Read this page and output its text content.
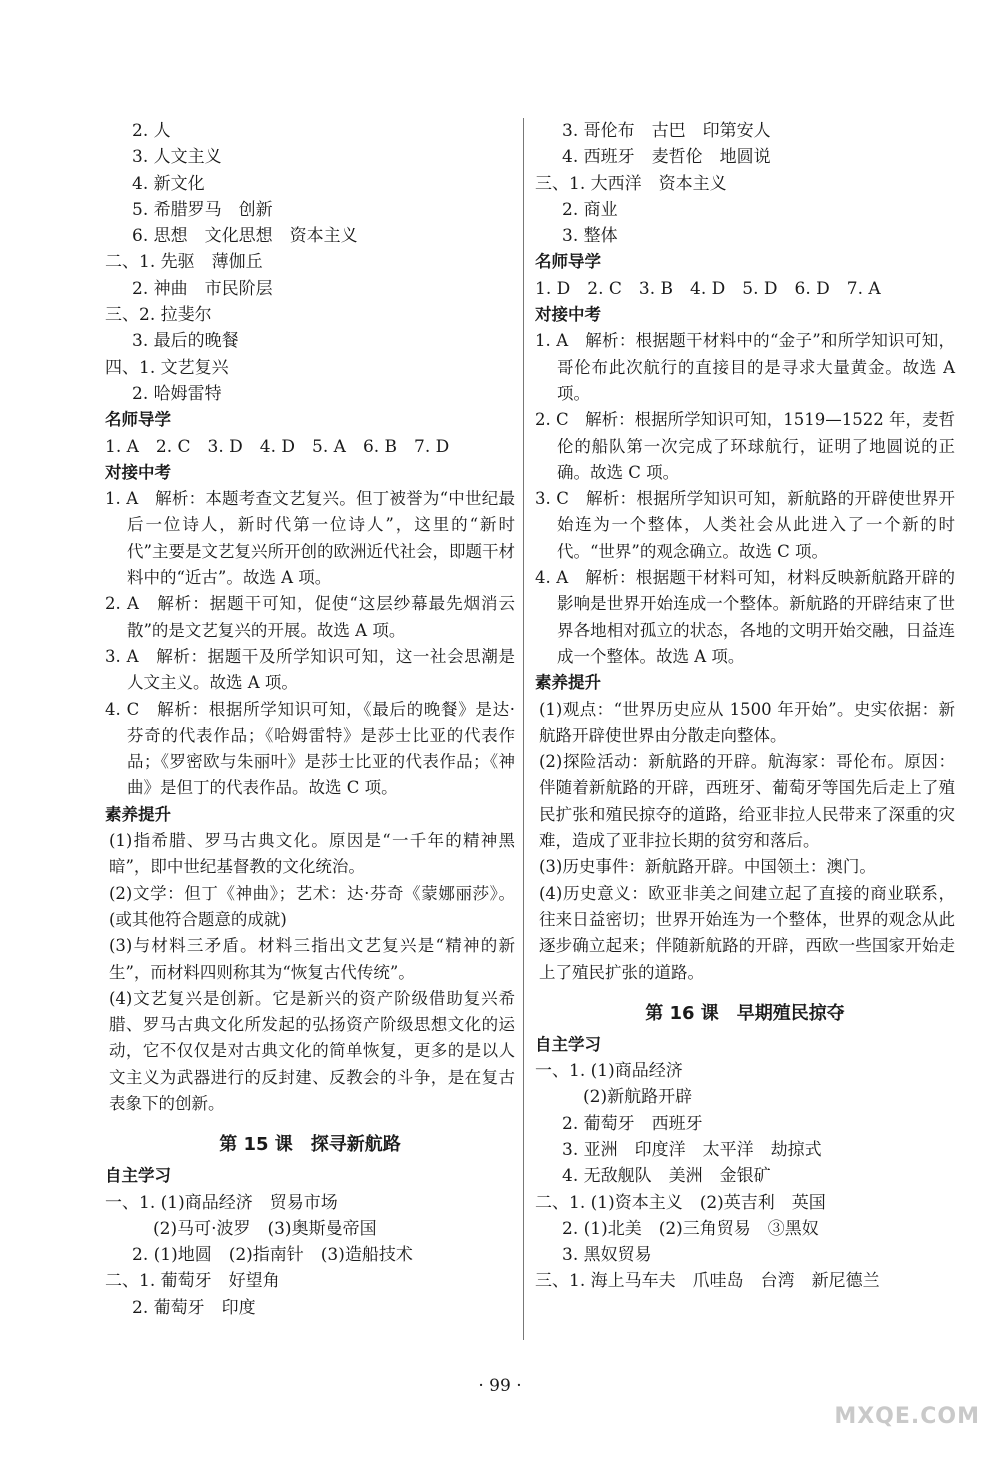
2. 人
3. 人文主义
4. 新文化
5. 希腊罗马　创新
6. 思想　文化思想　资本主义
二、1. 先驱　薄伽丘
2. 神曲　市民阶层
三、2. 拉斐尔
3. 最后的晚餐
四、1. 文艺复兴
2. 哈姆雷特
名师导学
1. A　2. C　3. D　4. D　5. A　6. B　7. D
对接中考
1. A　解析：本题考查文艺复兴。但丁被誉为“中世纪最后一位诗人，新时代第一位诗人”，这里的“新时代”主要是文艺复兴所开创的欧洲近代社会，即题干材料中的“近古”。故选 A 项。
2. A　解析：据题干可知，促使“这层纱幕最先烟消云散”的是文艺复兴的开展。故选 A 项。
3. A　解析：据题干及所学知识可知，这一社会思潮是人文主义。故选 A 项。
4. C　解析：根据所学知识可知，《最后的晚餐》是达·芬奇的代表作品；《哈姆雷特》是莎士比亚的代表作品；《罗密欧与朱丽叶》是莎士比亚的代表作品；《神曲》是但丁的代表作品。故选 C 项。
素养提升
(1)指希腊、罗马古典文化。原因是“一千年的精神黑暗”，即中世纪基督教的文化统治。
(2)文学：但丁《神曲》；艺术：达·芬奇《蒙娜丽莎》。(或其他符合题意的成就)
(3)与材料三矛盾。材料三指出文艺复兴是“精神的新生”，而材料四则称其为“恢复古代传统”。
(4)文艺复兴是创新。它是新兴的资产阶级借助复兴希腊、罗马古典文化所发起的弘扬资产阶级思想文化的运动，它不仅仅是对古典文化的简单恢复，更多的是以人文主义为武器进行的反封建、反教会的斗争，是在复古表象下的创新。
第 15 课　探寻新航路
自主学习
一、1. (1)商品经济　贸易市场
(2)马可·波罗　(3)奥斯曼帝国
2. (1)地圆　(2)指南针　(3)造船技术
二、1. 葡萄牙　好望角
2. 葡萄牙　印度
3. 哥伦布　古巴　印第安人
4. 西班牙　麦哲伦　地圆说
三、1. 大西洋　资本主义
2. 商业
3. 整体
名师导学
1. D　2. C　3. B　4. D　5. D　6. D　7. A
对接中考
1. A　解析：根据题干材料中的“金子”和所学知识可知，哥伦布此次航行的直接目的是寻求大量黄金。故选 A 项。
2. C　解析：根据所学知识可知，1519—1522 年，麦哲伦的船队第一次完成了环球航行，证明了地圆说的正确。故选 C 项。
3. C　解析：根据所学知识可知，新航路的开辟使世界开始连为一个整体，人类社会从此进入了一个新的时代。“世界”的观念确立。故选 C 项。
4. A　解析：根据题干材料可知，材料反映新航路开辟的影响是世界开始连成一个整体。新航路的开辟结束了世界各地相对孤立的状态，各地的文明开始交融，日益连成一个整体。故选 A 项。
素养提升
(1)观点：“世界历史应从 1500 年开始”。史实依据：新航路开辟使世界由分散走向整体。
(2)探险活动：新航路的开辟。航海家：哥伦布。原因：伴随着新航路的开辟，西班牙、葡萄牙等国先后走上了殖民扩张和殖民掠夺的道路，给亚非拉人民带来了深重的灾难，造成了亚非拉长期的贫穷和落后。
(3)历史事件：新航路开辟。中国领土：澳门。
(4)历史意义：欧亚非美之间建立起了直接的商业联系，往来日益密切；世界开始连为一个整体，世界的观念从此逐步确立起来；伴随新航路的开辟，西欧一些国家开始走上了殖民扩张的道路。
第 16 课　早期殖民掠夺
自主学习
一、1. (1)商品经济
(2)新航路开辟
2. 葡萄牙　西班牙
3. 亚洲　印度洋　太平洋　劫掠式
4. 无敌舰队　美洲　金银矿
二、1. (1)资本主义　(2)英吉利　英国
2. (1)北美　(2)三角贸易　③黑奴
3. 黑奴贸易
三、1. 海上马车夫　爪哇岛　台湾　新尼德兰
· 99 ·
MXQE.COM
